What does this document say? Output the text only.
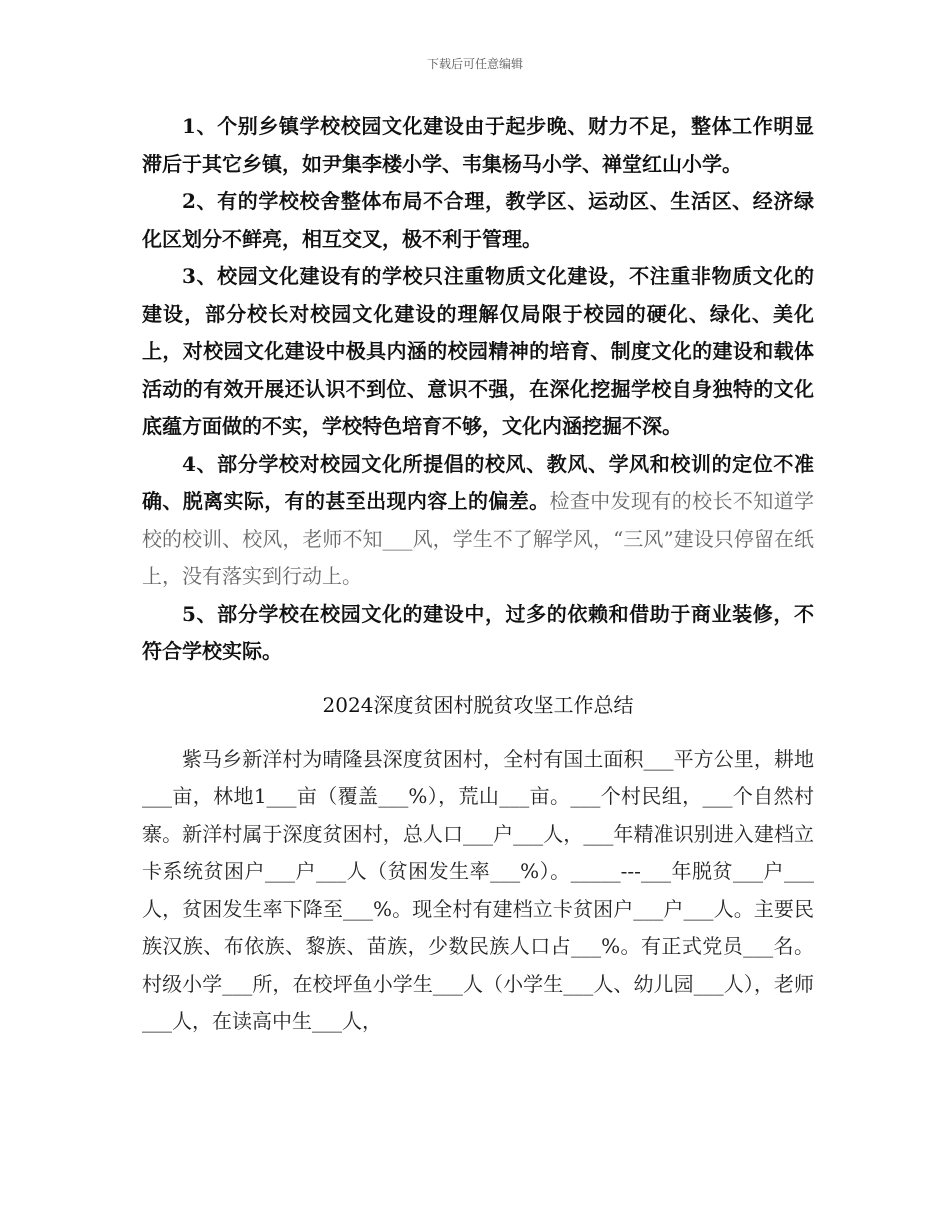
下载后可任意编辑

1、个别乡镇学校校园文化建设由于起步晚、财力不足，整体工作明显滞后于其它乡镇，如尹集李楼小学、韦集杨马小学、禅堂红山小学。

2、有的学校校舍整体布局不合理，教学区、运动区、生活区、经济绿化区划分不鲜亮，相互交叉，极不利于管理。

3、校园文化建设有的学校只注重物质文化建设，不注重非物质文化的建设，部分校长对校园文化建设的理解仅局限于校园的硬化、绿化、美化上，对校园文化建设中极具内涵的校园精神的培育、制度文化的建设和载体活动的有效开展还认识不到位、意识不强，在深化挖掘学校自身独特的文化底蕴方面做的不实，学校特色培育不够，文化内涵挖掘不深。

4、部分学校对校园文化所提倡的校风、教风、学风和校训的定位不准确、脱离实际，有的甚至出现内容上的偏差。检查中发现有的校长不知道学校的校训、校风，老师不知___风，学生不了解学风，“三风”建设只停留在纸上，没有落实到行动上。

5、部分学校在校园文化的建设中，过多的依赖和借助于商业装修，不符合学校实际。

2024深度贫困村脱贫攻坚工作总结

紫马乡新洋村为晴隆县深度贫困村，全村有国土面积___平方公里，耕地___亩，林地1___亩（覆盖___%），荒山___亩。___个村民组，___个自然村寨。新洋村属于深度贫困村，总人口___户___人，___年精准识别进入建档立卡系统贫困户___户___人（贫困发生率___%）。_____---___年脱贫___户___人，贫困发生率下降至___%。现全村有建档立卡贫困户___户___人。主要民族汉族、布依族、黎族、苗族，少数民族人口占___%。有正式党员___名。村级小学___所，在校坪鱼小学生___人（小学生___人、幼儿园___人），老师___人，在读高中生___人，
